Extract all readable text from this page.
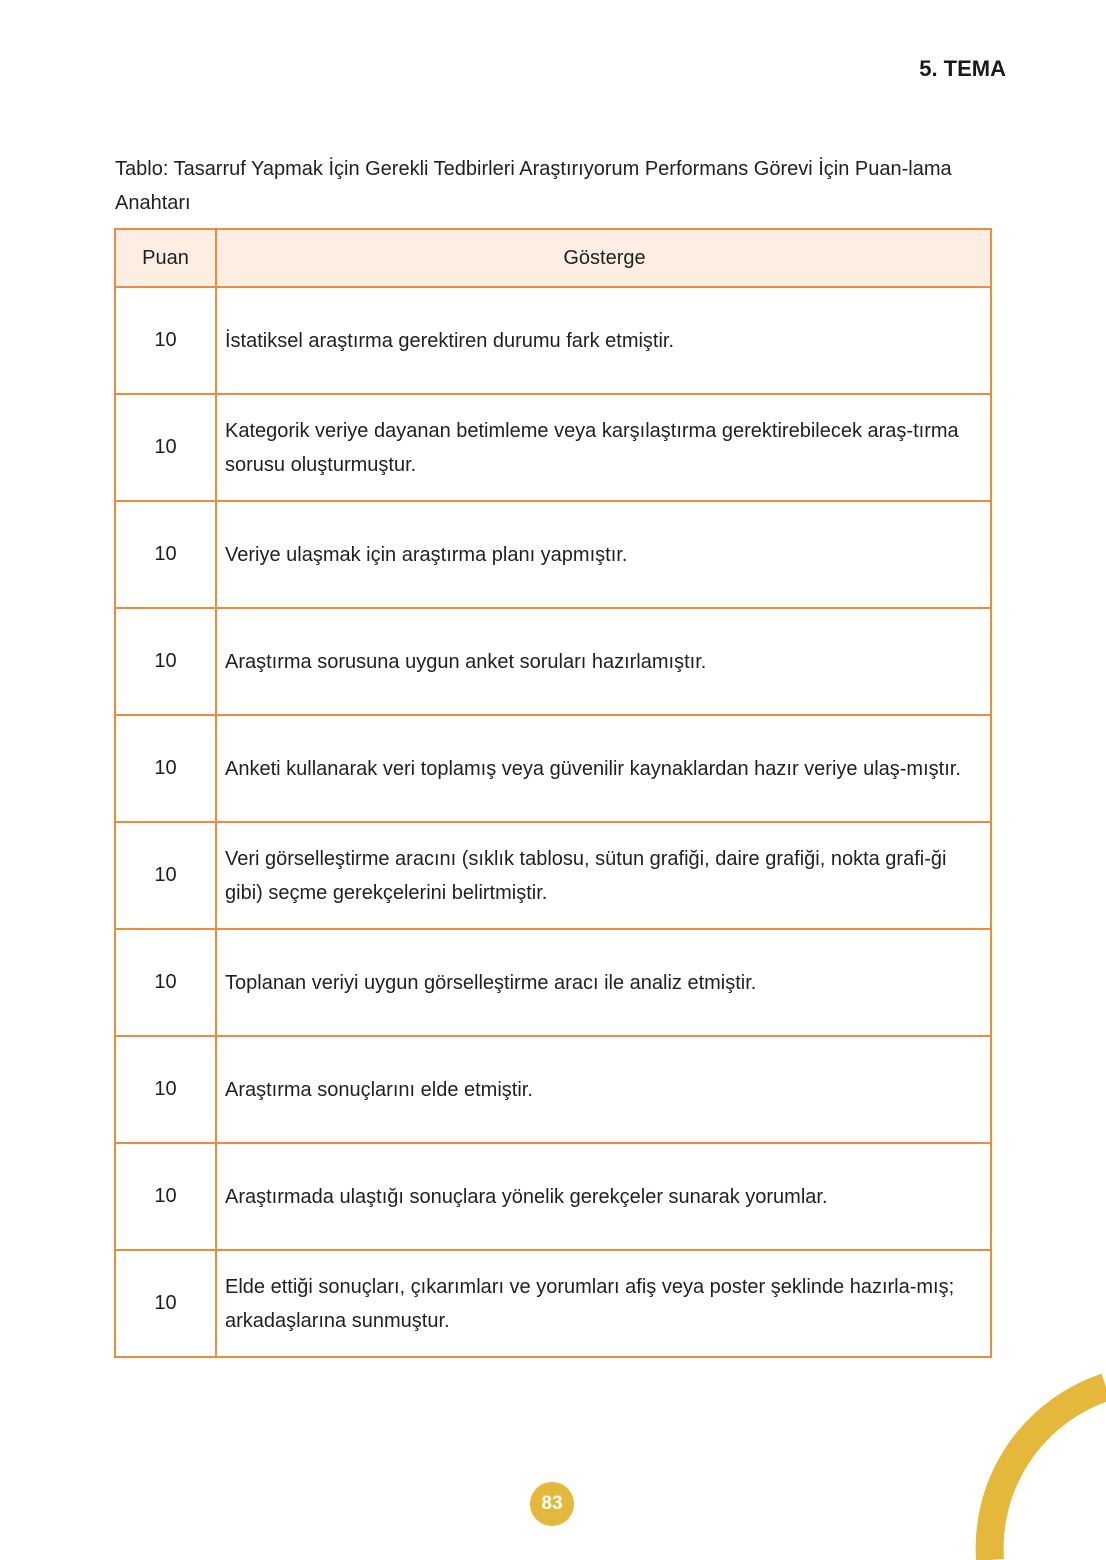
5. TEMA
Tablo: Tasarruf Yapmak İçin Gerekli Tedbirleri Araştırıyorum Performans Görevi İçin Puan-lama Anahtarı
Puan	Gösterge
10	İstatiksel araştırma gerektiren durumu fark etmiştir.
10	Kategorik veriye dayanan betimleme veya karşılaştırma gerektirebilecek araş-tırma sorusu oluşturmuştur.
10	Veriye ulaşmak için araştırma planı yapmıştır.
10	Araştırma sorusuna uygun anket soruları hazırlamıştır.
10	Anketi kullanarak veri toplamış veya güvenilir kaynaklardan hazır veriye ulaş-mıştır.
10	Veri görselleştirme aracını (sıklık tablosu, sütun grafiği, daire grafiği, nokta grafi-ği gibi) seçme gerekçelerini belirtmiştir.
10	Toplanan veriyi uygun görselleştirme aracı ile analiz etmiştir.
10	Araştırma sonuçlarını elde etmiştir.
10	Araştırmada ulaştığı sonuçlara yönelik gerekçeler sunarak yorumlar.
10	Elde ettiği sonuçları, çıkarımları ve yorumları afiş veya poster şeklinde hazırla-mış; arkadaşlarına sunmuştur.
83
